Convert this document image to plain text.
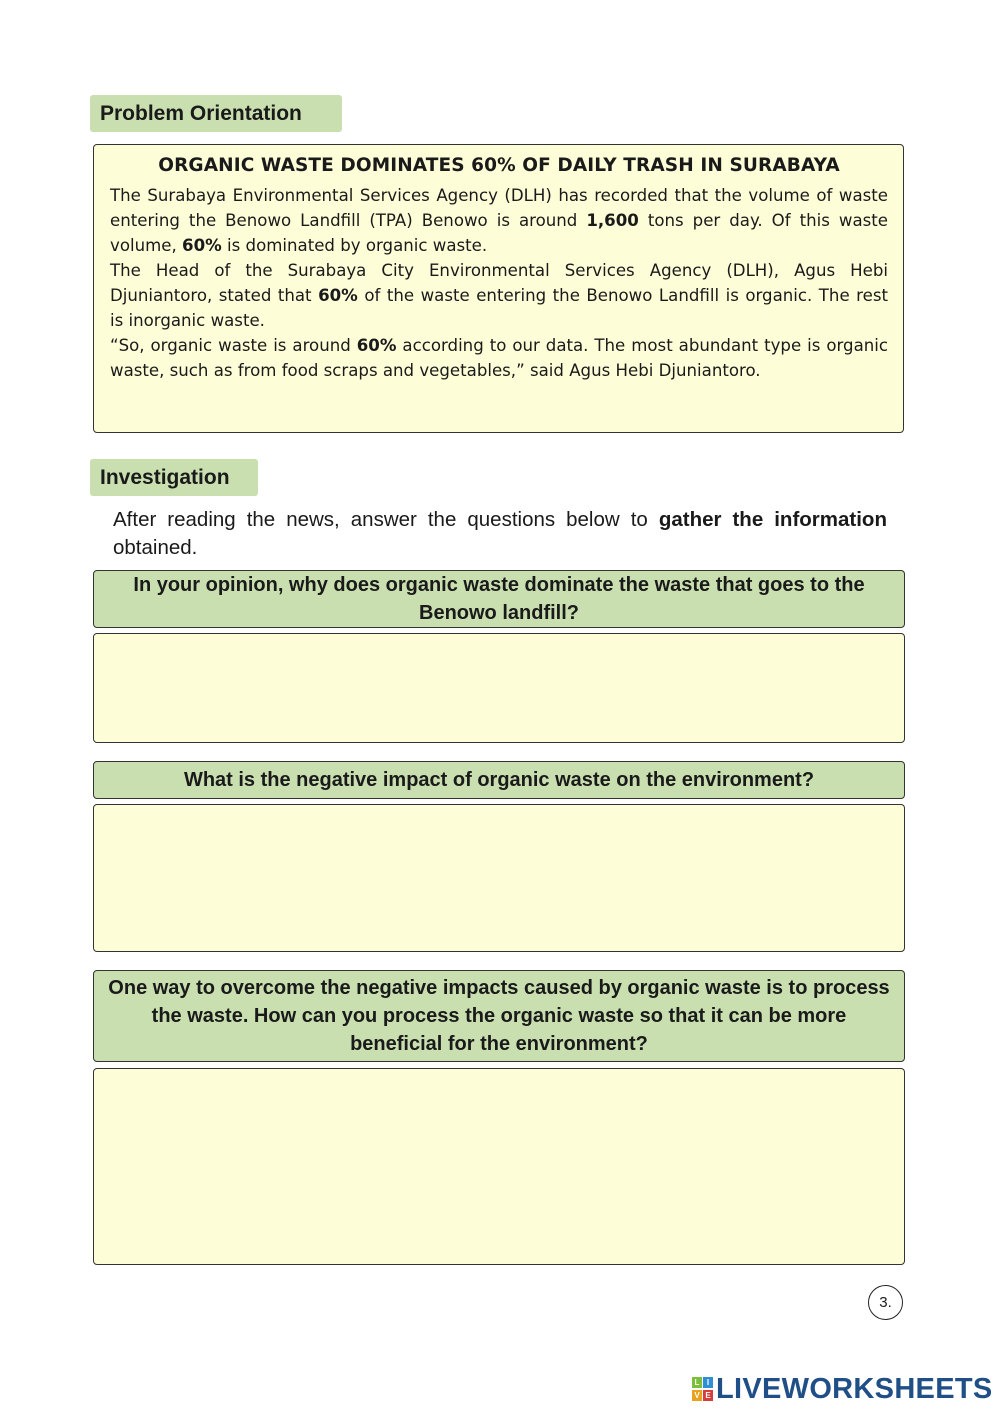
Problem Orientation
ORGANIC WASTE DOMINATES 60% OF DAILY TRASH IN SURABAYA

The Surabaya Environmental Services Agency (DLH) has recorded that the volume of waste entering the Benowo Landfill (TPA) Benowo is around 1,600 tons per day. Of this waste volume, 60% is dominated by organic waste.

The Head of the Surabaya City Environmental Services Agency (DLH), Agus Hebi Djuniantoro, stated that 60% of the waste entering the Benowo Landfill is organic. The rest is inorganic waste.

“So, organic waste is around 60% according to our data. The most abundant type is organic waste, such as from food scraps and vegetables,” said Agus Hebi Djuniantoro.

Investigation

After reading the news, answer the questions below to gather the information obtained.

In your opinion, why does organic waste dominate the waste that goes to the Benowo landfill?
What is the negative impact of organic waste on the environment?
One way to overcome the negative impacts caused by organic waste is to process the waste. How can you process the organic waste so that it can be more beneficial for the environment?
3.
L I
V E LIVEWORKSHEETS
